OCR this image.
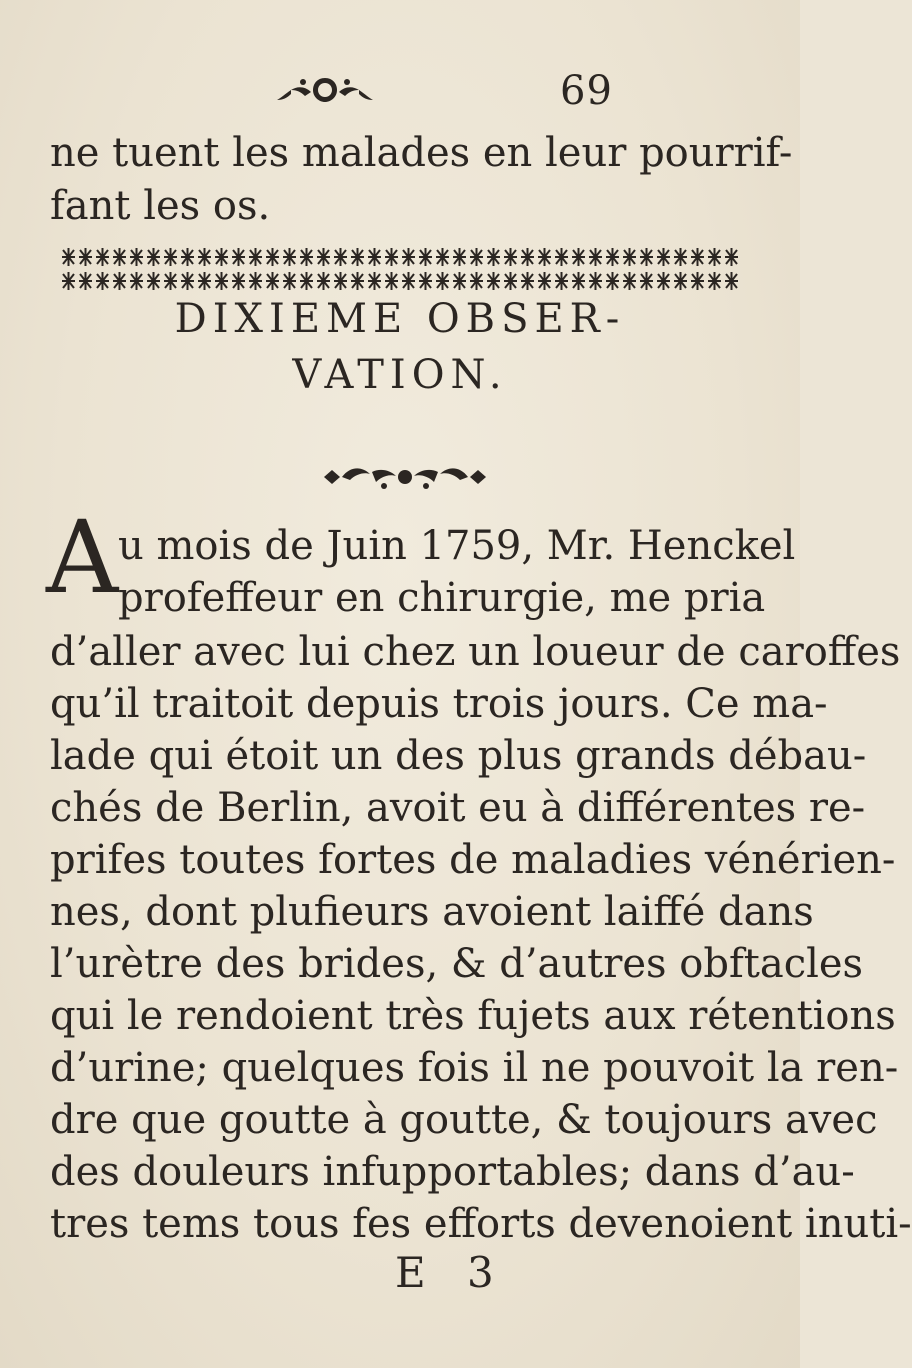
69
ne tuent les malades en leur pourrif-
fant les os.
DIXIEME OBSER-
VATION.
A u mois de Juin 1759, Mr. Henckel
profeffeur en chirurgie, me pria
d’aller avec lui chez un loueur de caroffes
qu’il traitoit depuis trois jours. Ce ma-
lade qui étoit un des plus grands débau-
chés de Berlin, avoit eu à différentes re-
prifes toutes fortes de maladies vénérien-
nes, dont plufieurs avoient laiffé dans
l’urètre des brides, & d’autres obftacles
qui le rendoient très fujets aux rétentions
d’urine; quelques fois il ne pouvoit la ren-
dre que goutte à goutte, & toujours avec
des douleurs infupportables; dans d’au-
tres tems tous fes efforts devenoient inuti-
E 3
